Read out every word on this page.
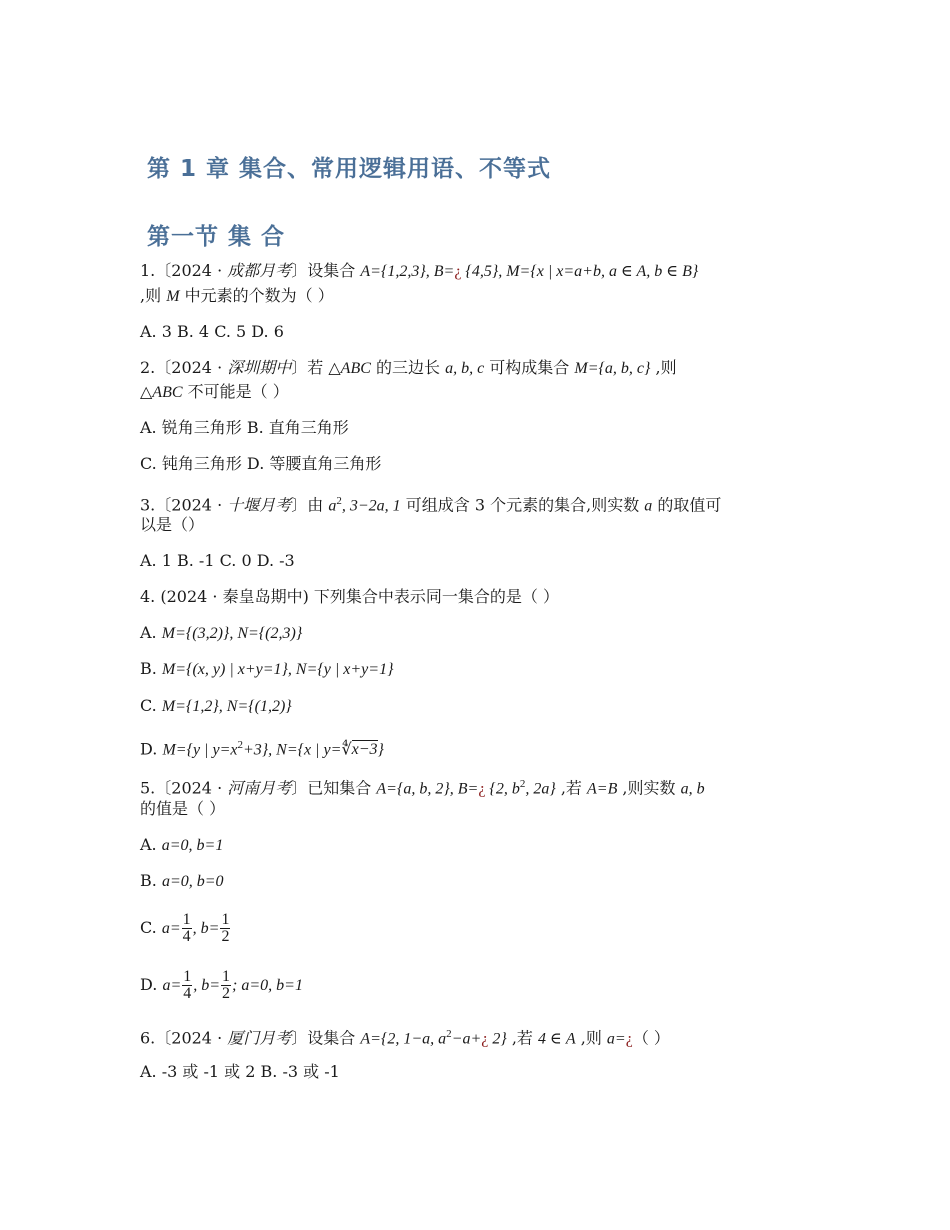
第 1 章 集合、常用逻辑用语、不等式
第一节 集 合
1.〔2024 · 成都月考〕设集合 A={1,2,3}, B=¿ {4,5}, M={x | x=a+b, a ∈ A, b ∈ B}
,则 M 中元素的个数为（ ）
A. 3 B. 4 C. 5 D. 6
2.〔2024 · 深圳期中〕若 △ABC 的三边长 a, b, c 可构成集合 M={a, b, c} ,则
△ABC 不可能是（ ）
A. 锐角三角形 B. 直角三角形
C. 钝角三角形 D. 等腰直角三角形
3.〔2024 · 十堰月考〕由 $a^2$, 3−2a, 1 可组成含 3 个元素的集合,则实数 a 的取值可
以是（）
A. 1 B. -1 C. 0 D. -3
4. (2024 · 秦皇岛期中) 下列集合中表示同一集合的是（ ）
A. M={(3,2)}, N={(2,3)}
B. M={(x, y) | x+y=1}, N={y | x+y=1}
C. M={1,2}, N={(1,2)}
D. M={y | $y=x^2+3$}, N={x | y=∜x−3}
5.〔2024 · 河南月考〕已知集合 A={a, b, 2}, B=¿ {2, $b^2$, 2a} ,若 A=B ,则实数 a, b
的值是（ ）
A. a=0, b=1
B. a=0, b=0
C. $a= \frac{1}{4}$ , $b= \frac{1}{2}$
D. $a= \frac{1}{4}$ , $b= \frac{1}{2}$ ; a=0, b=1
6.〔2024 · 厦门月考〕设集合 A={2, 1−a, $a^2-a+¿$ 2} ,若 4 ∈ A ,则 a=¿（ ）
A. -3 或 -1 或 2 B. -3 或 -1
